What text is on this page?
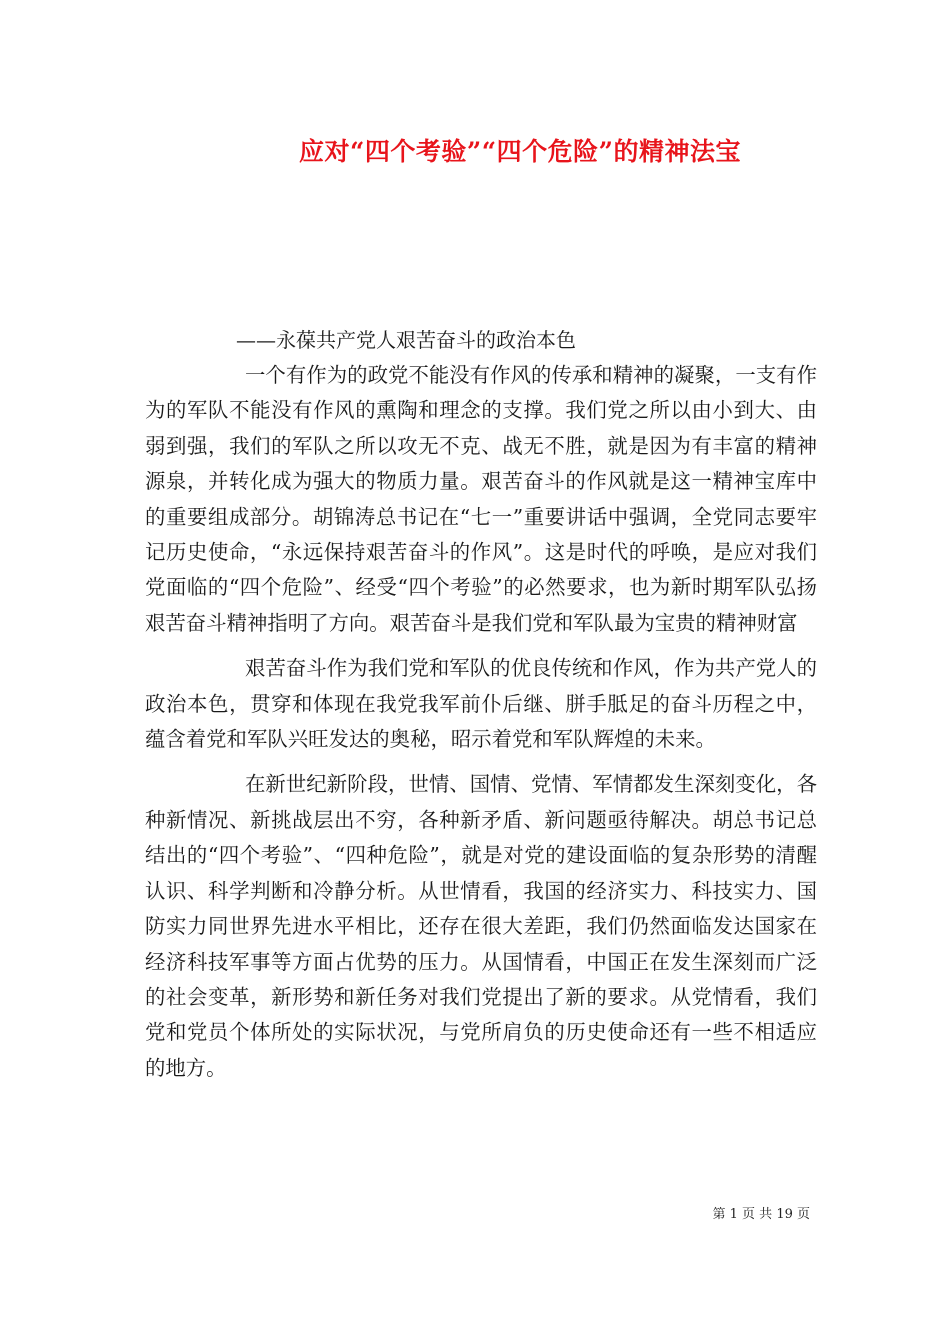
应对“四个考验”“四个危险”的精神法宝
——永葆共产党人艰苦奋斗的政治本色

一个有作为的政党不能没有作风的传承和精神的凝聚，一支有作为的军队不能没有作风的熏陶和理念的支撑。我们党之所以由小到大、由弱到强，我们的军队之所以攻无不克、战无不胜，就是因为有丰富的精神源泉，并转化成为强大的物质力量。艰苦奋斗的作风就是这一精神宝库中的重要组成部分。胡锦涛总书记在“七一”重要讲话中强调，全党同志要牢记历史使命，“永远保持艰苦奋斗的作风”。这是时代的呼唤，是应对我们党面临的“四个危险”、经受“四个考验”的必然要求，也为新时期军队弘扬艰苦奋斗精神指明了方向。艰苦奋斗是我们党和军队最为宝贵的精神财富

艰苦奋斗作为我们党和军队的优良传统和作风，作为共产党人的政治本色，贯穿和体现在我党我军前仆后继、胼手胝足的奋斗历程之中，蕴含着党和军队兴旺发达的奥秘，昭示着党和军队辉煌的未来。

在新世纪新阶段，世情、国情、党情、军情都发生深刻变化，各种新情况、新挑战层出不穷，各种新矛盾、新问题亟待解决。胡总书记总结出的“四个考验”、“四种危险”，就是对党的建设面临的复杂形势的清醒认识、科学判断和冷静分析。从世情看，我国的经济实力、科技实力、国防实力同世界先进水平相比，还存在很大差距，我们仍然面临发达国家在经济科技军事等方面占优势的压力。从国情看，中国正在发生深刻而广泛的社会变革，新形势和新任务对我们党提出了新的要求。从党情看，我们党和党员个体所处的实际状况，与党所肩负的历史使命还有一些不相适应的地方。

第 1 页 共 19 页
